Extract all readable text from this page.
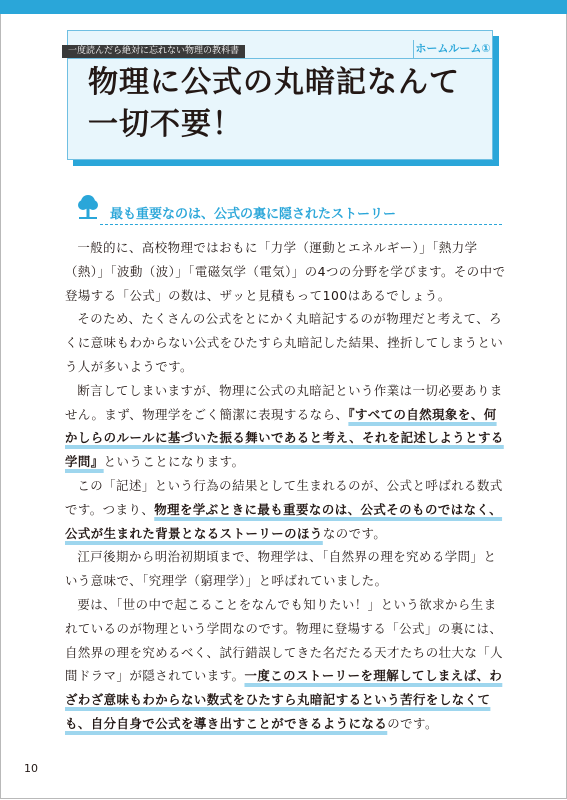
一度読んだら絶対に忘れない物理の教科書	ホームルーム①
物理に公式の丸暗記なんて
一切不要！
最も重要なのは、公式の裏に隠されたストーリー

一般的に、高校物理ではおもに「力学（運動とエネルギー）」「熱力学（熱）」「波動（波）」「電磁気学（電気）」の4つの分野を学びます。その中で登場する「公式」の数は、ザッと見積もって100はあるでしょう。

そのため、たくさんの公式をとにかく丸暗記するのが物理だと考えて、ろくに意味もわからない公式をひたすら丸暗記した結果、挫折してしまうという人が多いようです。

断言してしまいますが、物理に公式の丸暗記という作業は一切必要ありません。まず、物理学をごく簡潔に表現するなら、『すべての自然現象を、何かしらのルールに基づいた振る舞いであると考え、それを記述しようとする学問』ということになります。

この「記述」という行為の結果として生まれるのが、公式と呼ばれる数式です。つまり、物理を学ぶときに最も重要なのは、公式そのものではなく、公式が生まれた背景となるストーリーのほうなのです。

江戸後期から明治初期頃まで、物理学は、「自然界の理を究める学問」という意味で、「究理学（窮理学）」と呼ばれていました。

要は、「世の中で起こることをなんでも知りたい！」という欲求から生まれているのが物理という学問なのです。物理に登場する「公式」の裏には、自然界の理を究めるべく、試行錯誤してきた名だたる天才たちの壮大な「人間ドラマ」が隠されています。一度このストーリーを理解してしまえば、わざわざ意味もわからない数式をひたすら丸暗記するという苦行をしなくても、自分自身で公式を導き出すことができるようになるのです。

10
